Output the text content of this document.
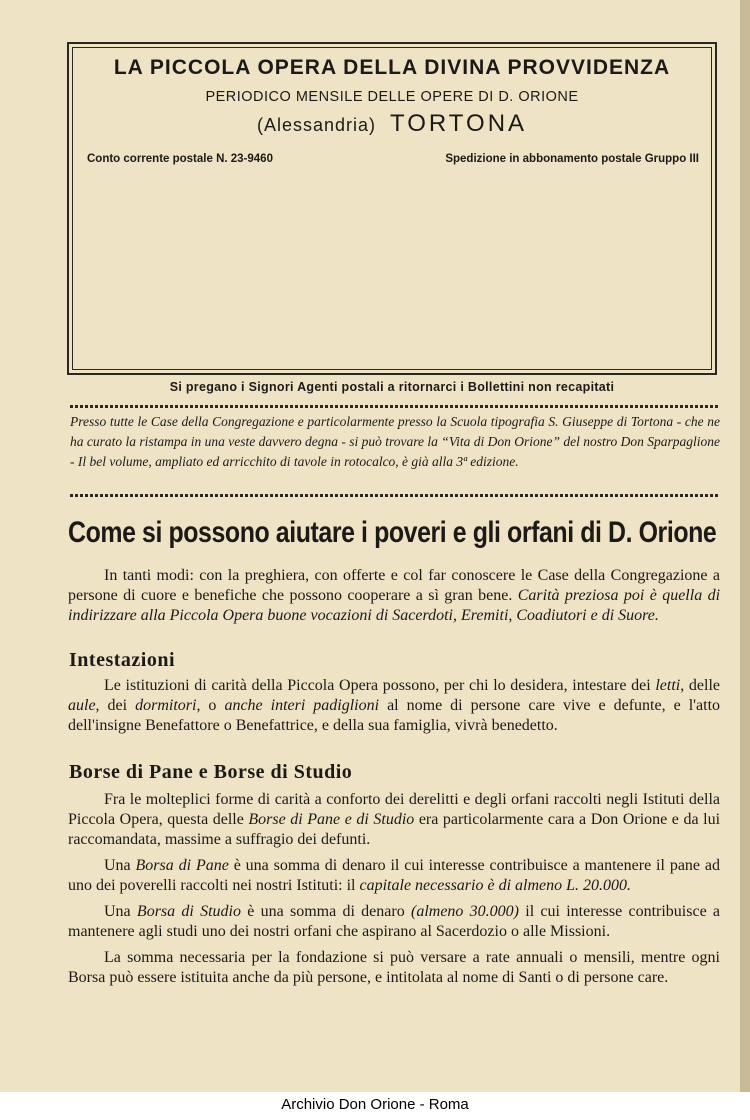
LA PICCOLA OPERA DELLA DIVINA PROVVIDENZA
PERIODICO MENSILE DELLE OPERE DI D. ORIONE
(Alessandria) TORTONA
Conto corrente postale N. 23-9460	Spedizione in abbonamento postale Gruppo III
Si pregano i Signori Agenti postali a ritornarci i Bollettini non recapitati
Presso tutte le Case della Congregazione e particolarmente presso la Scuola tipografia S. Giuseppe di Tortona - che ne ha curato la ristampa in una veste davvero degna - si può trovare la “Vita di Don Orione” del nostro Don Sparpaglione - Il bel volume, ampliato ed arricchito di tavole in rotocalco, è già alla 3ª edizione.
Come si possono aiutare i poveri e gli orfani di D. Orione

In tanti modi: con la preghiera, con offerte e col far conoscere le Case della Congregazione a persone di cuore e benefiche che possono cooperare a sì gran bene. Carità preziosa poi è quella di indirizzare alla Piccola Opera buone vocazioni di Sacerdoti, Eremiti, Coadiutori e di Suore.

Intestazioni

Le istituzioni di carità della Piccola Opera possono, per chi lo desidera, intestare dei letti, delle aule, dei dormitori, o anche interi padiglioni al nome di persone care vive e defunte, e l'atto dell'insigne Benefattore o Benefattrice, e della sua famiglia, vivrà benedetto.

Borse di Pane e Borse di Studio

Fra le molteplici forme di carità a conforto dei derelitti e degli orfani raccolti negli Istituti della Piccola Opera, questa delle Borse di Pane e di Studio era particolarmente cara a Don Orione e da lui raccomandata, massime a suffragio dei defunti.

Una Borsa di Pane è una somma di denaro il cui interesse contribuisce a mantenere il pane ad uno dei poverelli raccolti nei nostri Istituti: il capitale necessario è di almeno L. 20.000.

Una Borsa di Studio è una somma di denaro (almeno 30.000) il cui interesse contribuisce a mantenere agli studi uno dei nostri orfani che aspirano al Sacerdozio o alle Missioni.

La somma necessaria per la fondazione si può versare a rate annuali o mensili, mentre ogni Borsa può essere istituita anche da più persone, e intitolata al nome di Santi o di persone care.

Archivio Don Orione - Roma
